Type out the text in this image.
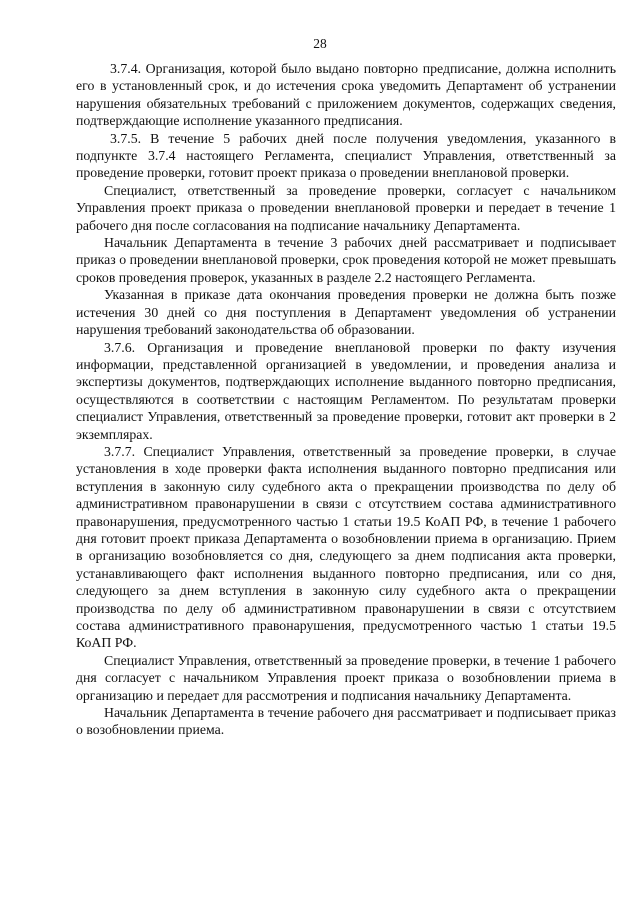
28

3.7.4. Организация, которой было выдано повторно предписание, должна исполнить его в установленный срок, и до истечения срока уведомить Департамент об устранении нарушения обязательных требований с приложением документов, содержащих сведения, подтверждающие исполнение указанного предписания.

3.7.5. В течение 5 рабочих дней после получения уведомления, указанного в подпункте 3.7.4 настоящего Регламента, специалист Управления, ответственный за проведение проверки, готовит проект приказа о проведении внеплановой проверки.

Специалист, ответственный за проведение проверки, согласует с начальником Управления проект приказа о проведении внеплановой проверки и передает в течение 1 рабочего дня после согласования на подписание начальнику Департамента.

Начальник Департамента в течение 3 рабочих дней рассматривает и подписывает приказ о проведении внеплановой проверки, срок проведения которой не может превышать сроков проведения проверок, указанных в разделе 2.2 настоящего Регламента.

Указанная в приказе дата окончания проведения проверки не должна быть позже истечения 30 дней со дня поступления в Департамент уведомления об устранении нарушения требований законодательства об образовании.

3.7.6. Организация и проведение внеплановой проверки по факту изучения информации, представленной организацией в уведомлении, и проведения анализа и экспертизы документов, подтверждающих исполнение выданного повторно предписания, осуществляются в соответствии с настоящим Регламентом. По результатам проверки специалист Управления, ответственный за проведение проверки, готовит акт проверки в 2 экземплярах.

3.7.7. Специалист Управления, ответственный за проведение проверки, в случае установления в ходе проверки факта исполнения выданного повторно предписания или вступления в законную силу судебного акта о прекращении производства по делу об административном правонарушении в связи с отсутствием состава административного правонарушения, предусмотренного частью 1 статьи 19.5 КоАП РФ, в течение 1 рабочего дня готовит проект приказа Департамента о возобновлении приема в организацию. Прием в организацию возобновляется со дня, следующего за днем подписания акта проверки, устанавливающего факт исполнения выданного повторно предписания, или со дня, следующего за днем вступления в законную силу судебного акта о прекращении производства по делу об административном правонарушении в связи с отсутствием состава административного правонарушения, предусмотренного частью 1 статьи 19.5 КоАП РФ.

Специалист Управления, ответственный за проведение проверки, в течение 1 рабочего дня согласует с начальником Управления проект приказа о возобновлении приема в организацию и передает для рассмотрения и подписания начальнику Департамента.

Начальник Департамента в течение рабочего дня рассматривает и подписывает приказ о возобновлении приема.
